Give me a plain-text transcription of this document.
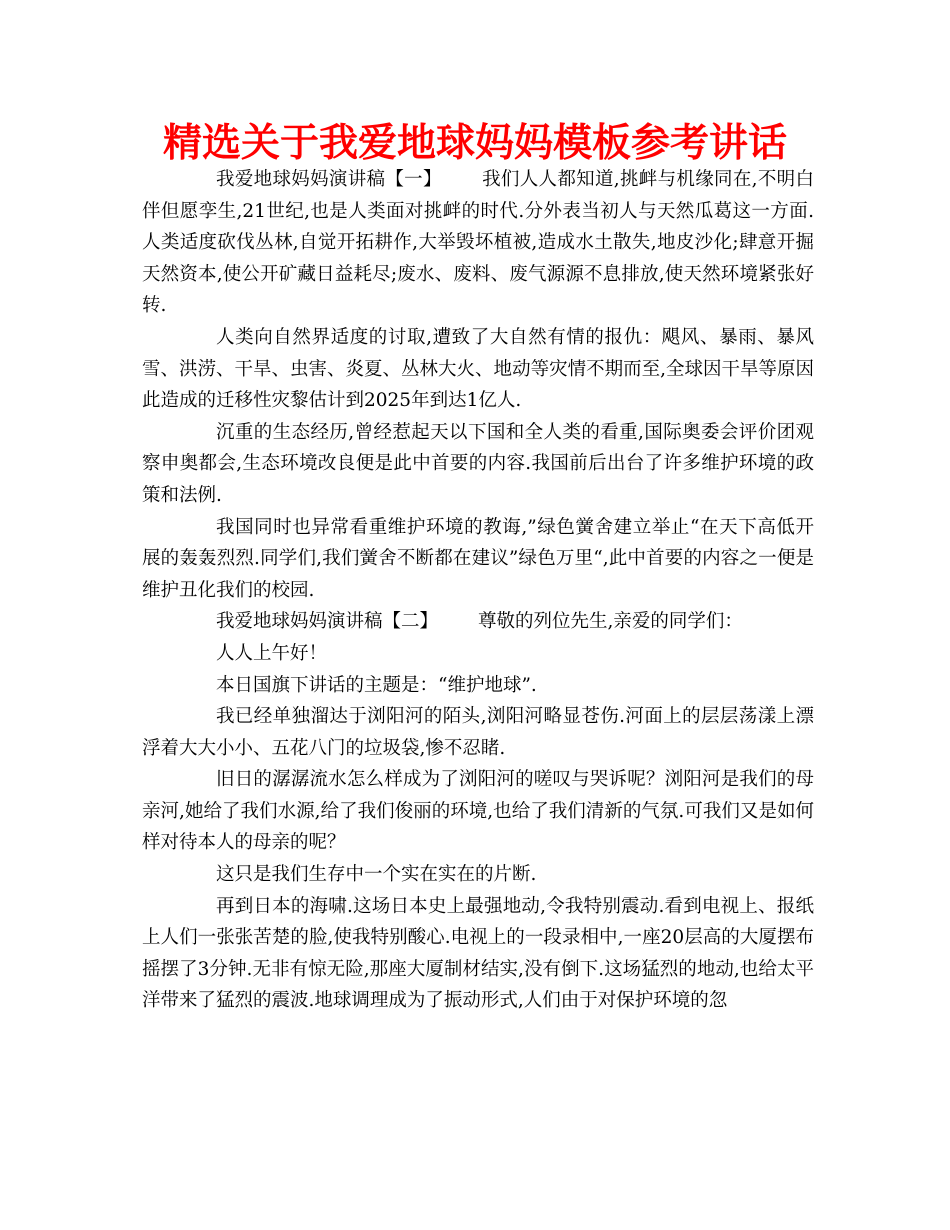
精选关于我爱地球妈妈模板参考讲话

我爱地球妈妈演讲稿【一】 我们人人都知道,挑衅与机缘同在,不明白伴但愿孪生,21世纪,也是人类面对挑衅的时代.分外表当初人与天然瓜葛这一方面.人类适度砍伐丛林,自觉开拓耕作,大举毁坏植被,造成水土散失,地皮沙化;肆意开掘天然资本,使公开矿藏日益耗尽;废水、废料、废气源源不息排放,使天然环境紧张好转.

人类向自然界适度的讨取,遭致了大自然有情的报仇：飓风、暴雨、暴风雪、洪涝、干旱、虫害、炎夏、丛林大火、地动等灾情不期而至,全球因干旱等原因此造成的迁移性灾黎估计到2025年到达1亿人.

沉重的生态经历,曾经惹起天以下国和全人类的看重,国际奥委会评价团观察申奥都会,生态环境改良便是此中首要的内容.我国前后出台了许多维护环境的政策和法例.

我国同时也异常看重维护环境的教诲,”绿色黉舍建立举止“在天下高低开展的轰轰烈烈.同学们,我们黉舍不断都在建议”绿色万里“,此中首要的内容之一便是维护丑化我们的校园.

我爱地球妈妈演讲稿【二】 尊敬的列位先生,亲爱的同学们：

人人上午好！

本日国旗下讲话的主题是：“维护地球”.

我已经单独溜达于浏阳河的陌头,浏阳河略显苍伤.河面上的层层荡漾上漂浮着大大小小、五花八门的垃圾袋,惨不忍睹.

旧日的潺潺流水怎么样成为了浏阳河的嗟叹与哭诉呢？浏阳河是我们的母亲河,她给了我们水源,给了我们俊丽的环境,也给了我们清新的气氛.可我们又是如何样对待本人的母亲的呢？

这只是我们生存中一个实在实在的片断.

再到日本的海啸.这场日本史上最强地动,令我特别震动.看到电视上、报纸上人们一张张苦楚的脸,使我特别酸心.电视上的一段录相中,一座20层高的大厦摆布摇摆了3分钟.无非有惊无险,那座大厦制材结实,没有倒下.这场猛烈的地动,也给太平洋带来了猛烈的震波.地球调理成为了振动形式,人们由于对保护环境的忽
